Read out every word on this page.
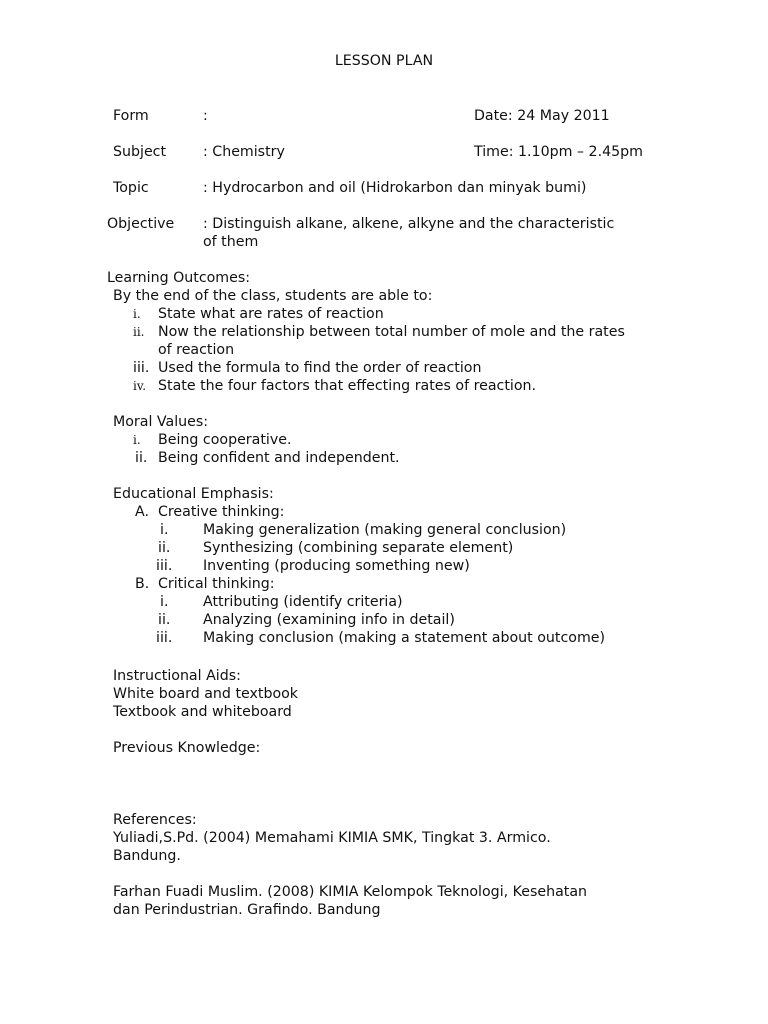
LESSON PLAN
Form	:	Date: 24 May 2011
Subject	: Chemistry	Time: 1.10pm – 2.45pm
Topic	: Hydrocarbon and oil (Hidrokarbon dan minyak bumi)
Objective : Distinguish alkane, alkene, alkyne and the characteristic
of them
Learning Outcomes:
By the end of the class, students are able to:
i. State what are rates of reaction
ii. Now the relationship between total number of mole and the rates
of reaction
iii. Used the formula to find the order of reaction
iv. State the four factors that effecting rates of reaction.
Moral Values:
i. Being cooperative.
ii. Being confident and independent.
Educational Emphasis:
A. Creative thinking:
i. Making generalization (making general conclusion)
ii. Synthesizing (combining separate element)
iii. Inventing (producing something new)
B. Critical thinking:
i. Attributing (identify criteria)
ii. Analyzing (examining info in detail)
iii. Making conclusion (making a statement about outcome)
Instructional Aids:
White board and textbook
Textbook and whiteboard
Previous Knowledge:
References:
Yuliadi,S.Pd. (2004) Memahami KIMIA SMK, Tingkat 3. Armico.
Bandung.
Farhan Fuadi Muslim. (2008) KIMIA Kelompok Teknologi, Kesehatan
dan Perindustrian. Grafindo. Bandung
